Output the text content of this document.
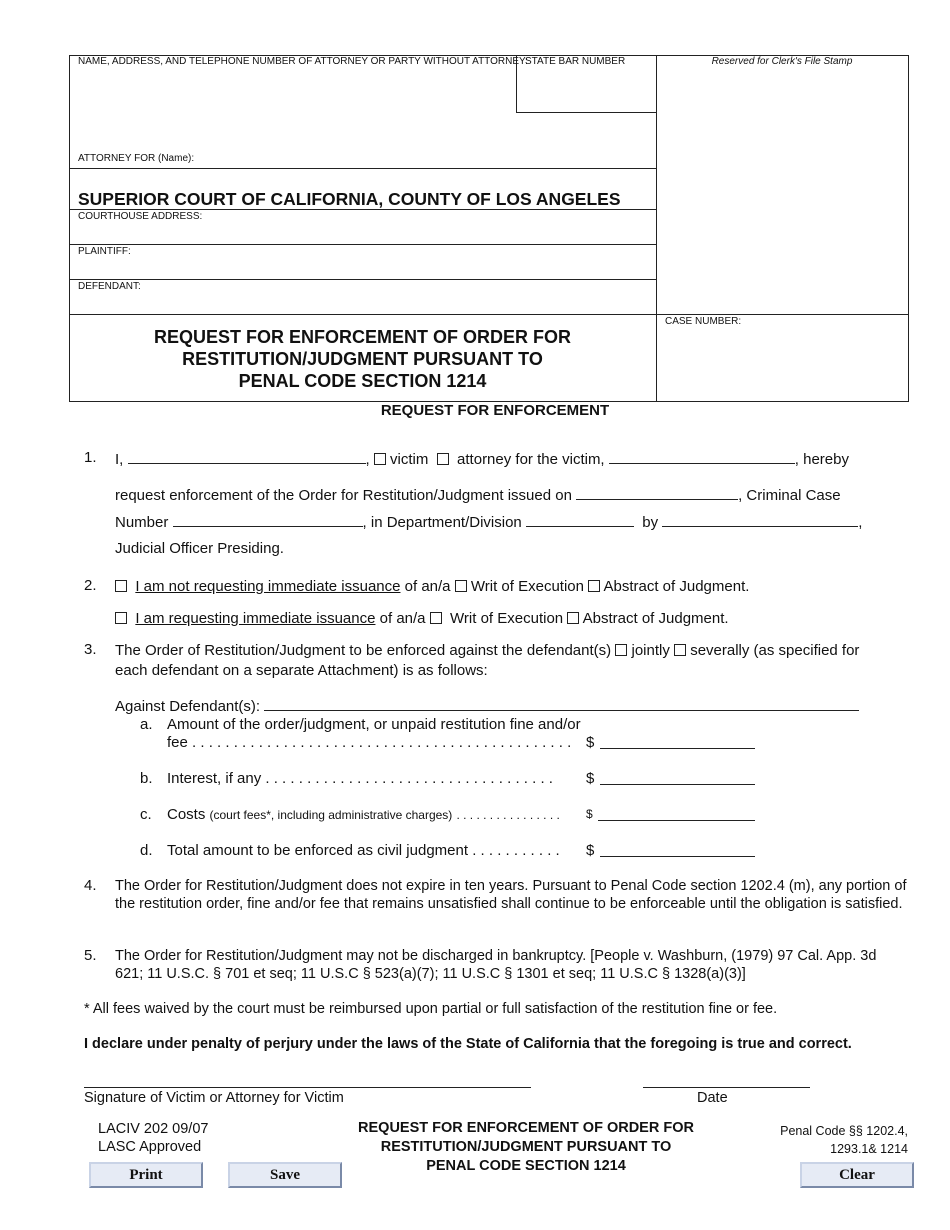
NAME, ADDRESS, AND TELEPHONE NUMBER OF ATTORNEY OR PARTY WITHOUT ATTORNEY:
STATE BAR NUMBER	Reserved for Clerk's File Stamp
ATTORNEY FOR (Name):
SUPERIOR COURT OF CALIFORNIA, COUNTY OF LOS ANGELES
COURTHOUSE ADDRESS:
PLAINTIFF:
DEFENDANT:
CASE NUMBER:
REQUEST FOR ENFORCEMENT OF ORDER FOR
RESTITUTION/JUDGMENT PURSUANT TO
PENAL CODE SECTION 1214
REQUEST FOR ENFORCEMENT
1. I,	, victim attorney for the victim,	, hereby
request enforcement of the Order for Restitution/Judgment issued on	, Criminal Case
Number	, in Department/Division	by	,
Judicial Officer Presiding.
2.	I am not requesting immediate issuance of an/a Writ of Execution Abstract of Judgment.
I am requesting immediate issuance of an/a Writ of Execution Abstract of Judgment.
3. The Order of Restitution/Judgment to be enforced against the defendant(s) jointly severally (as specified for
each defendant on a separate Attachment) is as follows:
Against Defendant(s):
a. Amount of the order/judgment, or unpaid restitution fine and/or
fee . . . . . . . . . . . . . . . . . . . . . . . . . . . . . . . . . . . . . . . . . . . . . . $
b. Interest, if any . . . . . . . . . . . . . . . . . . . . . . . . . . . . . . . . . . .	$
c. Costs (court fees*, including administrative charges) . . . . . . . . . . . . . . . .	$
d. Total amount to be enforced as civil judgment . . . . . . . . . . .	$
4. The Order for Restitution/Judgment does not expire in ten years. Pursuant to Penal Code section 1202.4 (m), any portion of the restitution order, fine and/or fee that remains unsatisfied shall continue to be enforceable until the obligation is satisfied.
5. The Order for Restitution/Judgment may not be discharged in bankruptcy. [People v. Washburn, (1979) 97 Cal. App. 3d 621; 11 U.S.C. § 701 et seq; 11 U.S.C § 523(a)(7); 11 U.S.C § 1301 et seq; 11 U.S.C § 1328(a)(3)]
* All fees waived by the court must be reimbursed upon partial or full satisfaction of the restitution fine or fee.
I declare under penalty of perjury under the laws of the State of California that the foregoing is true and correct.
Signature of Victim or Attorney for Victim	Date
LACIV 202 09/07
LASC Approved
REQUEST FOR ENFORCEMENT OF ORDER FOR
RESTITUTION/JUDGMENT PURSUANT TO
PENAL CODE SECTION 1214
Penal Code §§ 1202.4,
1293.1& 1214
Print	Save	Clear
